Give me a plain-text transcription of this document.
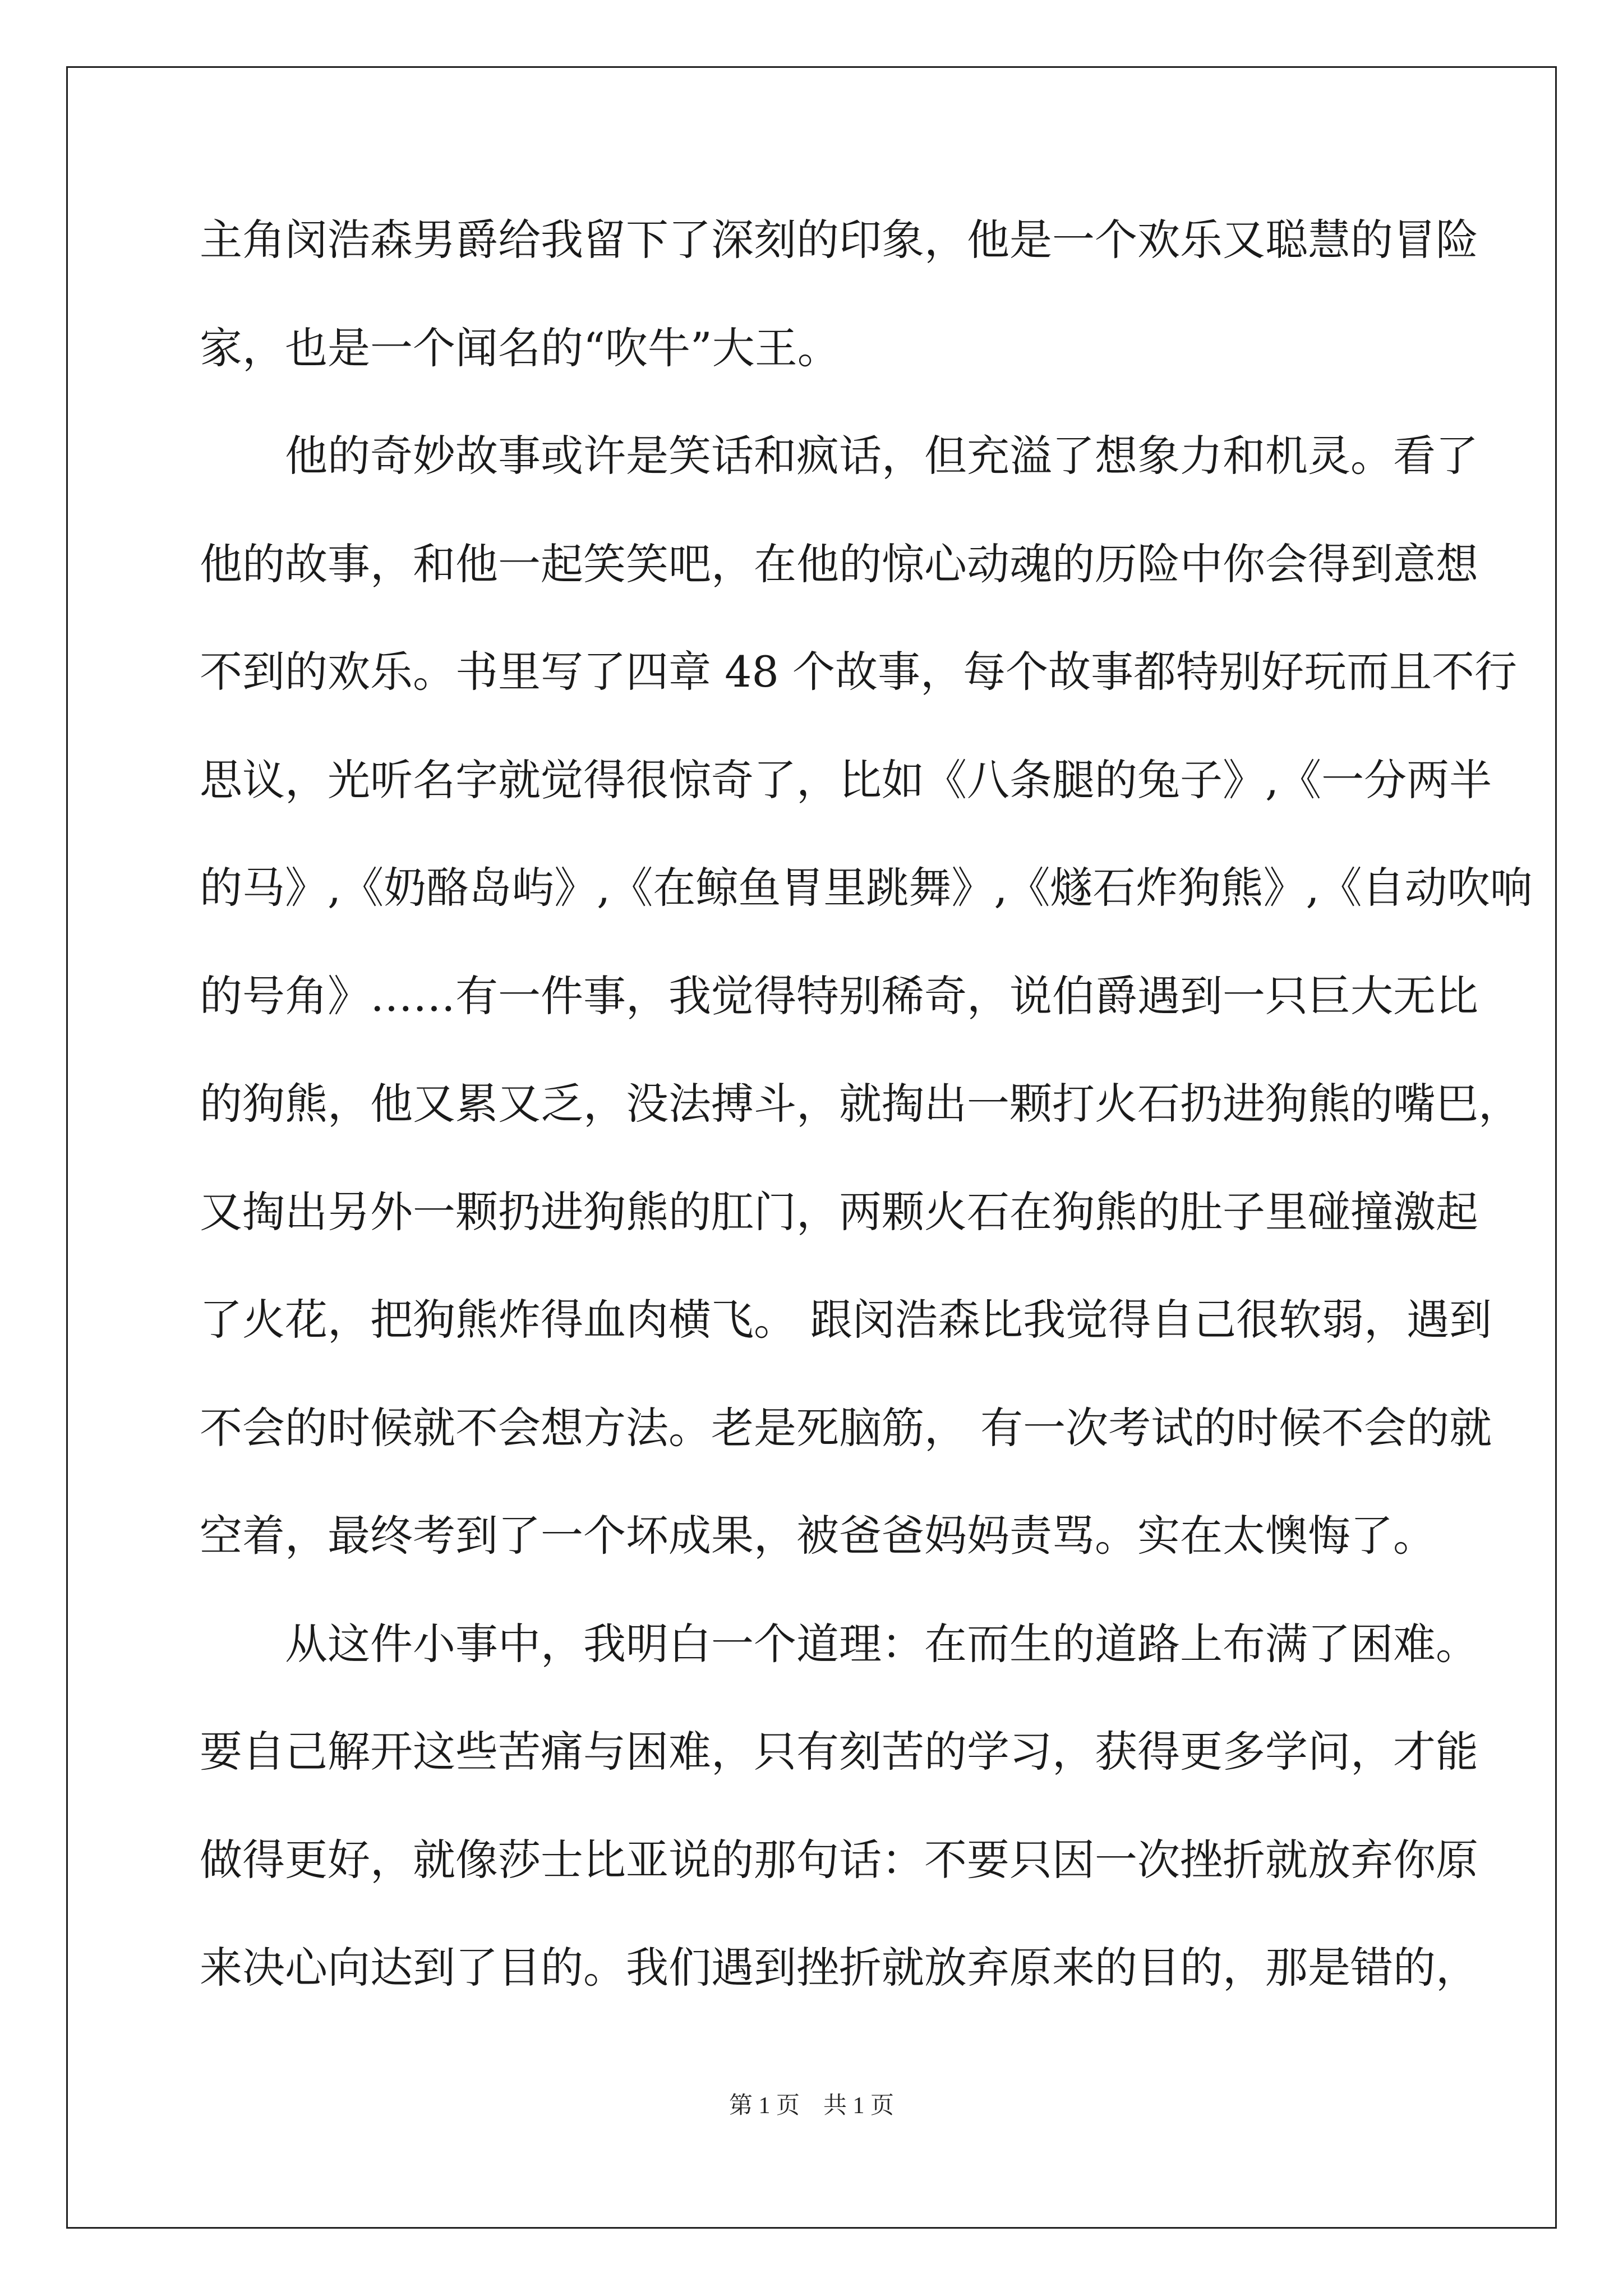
主角闵浩森男爵给我留下了深刻的印象，他是一个欢乐又聪慧的冒险
家，也是一个闻名的“吹牛”大王。
他的奇妙故事或许是笑话和疯话，但充溢了想象力和机灵。看了
他的故事，和他一起笑笑吧，在他的惊心动魂的历险中你会得到意想
不到的欢乐。书里写了四章 48 个故事，每个故事都特别好玩而且不行
思议，光听名字就觉得很惊奇了，比如《八条腿的兔子》,《一分两半
的马》,《奶酪岛屿》,《在鲸鱼胃里跳舞》,《燧石炸狗熊》,《自动吹响
的号角》……有一件事，我觉得特别稀奇，说伯爵遇到一只巨大无比
的狗熊，他又累又乏，没法搏斗，就掏出一颗打火石扔进狗熊的嘴巴，
又掏出另外一颗扔进狗熊的肛门，两颗火石在狗熊的肚子里碰撞激起
了火花，把狗熊炸得血肉横飞。 跟闵浩森比我觉得自己很软弱，遇到
不会的时候就不会想方法。老是死脑筋， 有一次考试的时候不会的就
空着，最终考到了一个坏成果，被爸爸妈妈责骂。实在太懊悔了。
从这件小事中，我明白一个道理：在而生的道路上布满了困难。
要自己解开这些苦痛与困难，只有刻苦的学习，获得更多学问，才能
做得更好，就像莎士比亚说的那句话：不要只因一次挫折就放弃你原
来决心向达到了目的。我们遇到挫折就放弃原来的目的，那是错的，
第 1 页　共 1 页
